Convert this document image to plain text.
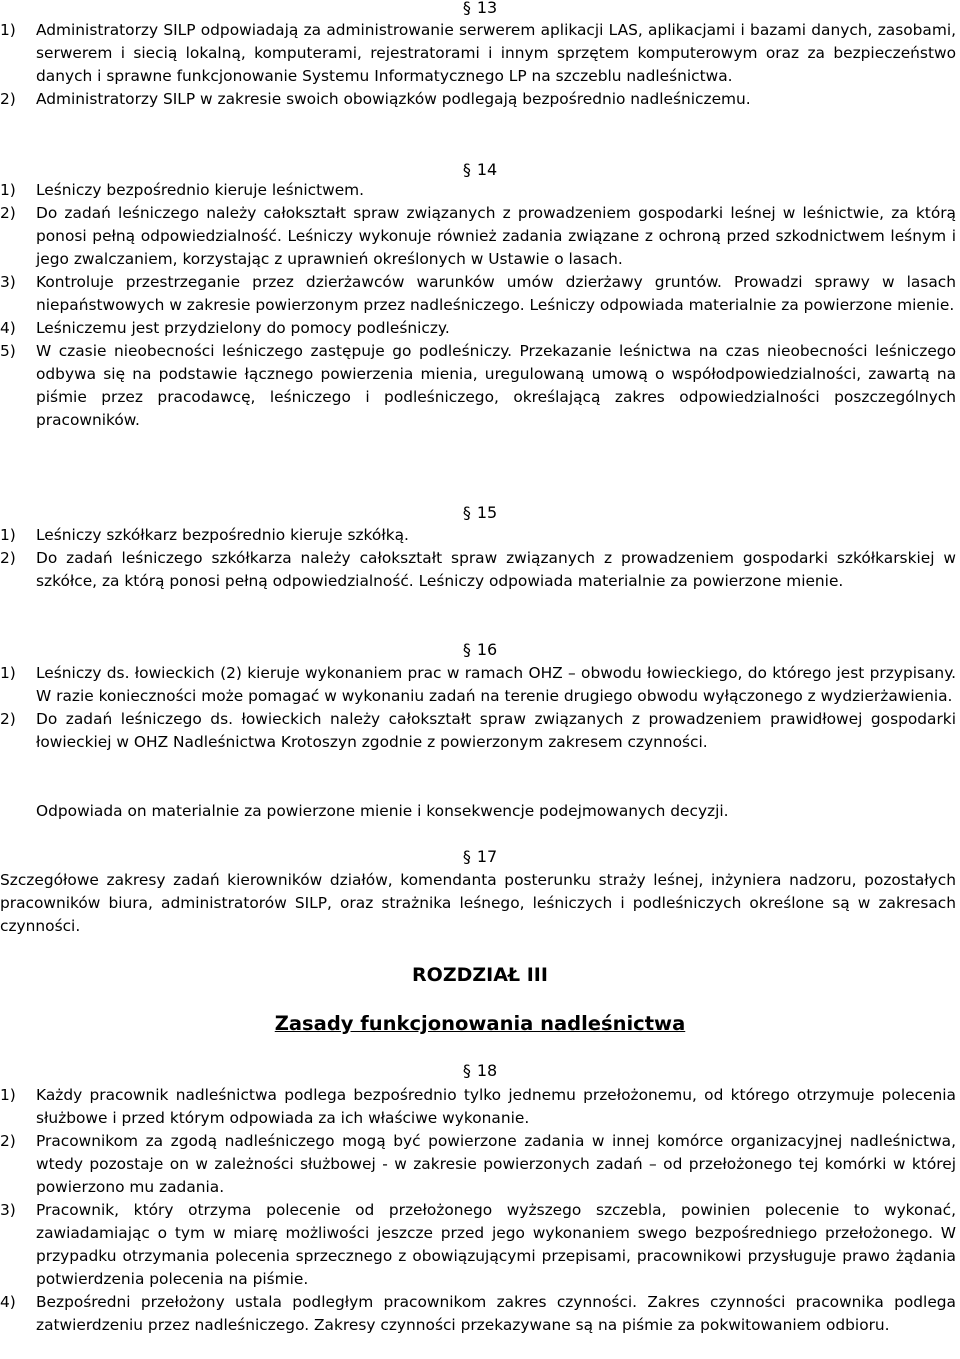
§ 13
1) Administratorzy SILP odpowiadają za administrowanie serwerem aplikacji LAS, aplikacjami i bazami danych, zasobami, serwerem i siecią lokalną, komputerami, rejestratorami i innym sprzętem komputerowym oraz za bezpieczeństwo danych i sprawne funkcjonowanie Systemu Informatycznego LP na szczeblu nadleśnictwa.
2) Administratorzy SILP w zakresie swoich obowiązków podlegają bezpośrednio nadleśniczemu.
§ 14
1) Leśniczy bezpośrednio kieruje leśnictwem.
2) Do zadań leśniczego należy całokształt spraw związanych z prowadzeniem gospodarki leśnej w leśnictwie, za którą ponosi pełną odpowiedzialność. Leśniczy wykonuje również zadania związane z ochroną przed szkodnictwem leśnym i jego zwalczaniem, korzystając z uprawnień określonych w Ustawie o lasach.
3) Kontroluje przestrzeganie przez dzierżawców warunków umów dzierżawy gruntów. Prowadzi sprawy w lasach niepaństwowych w zakresie powierzonym przez nadleśniczego. Leśniczy odpowiada materialnie za powierzone mienie.
4) Leśniczemu jest przydzielony do pomocy podleśniczy.
5) W czasie nieobecności leśniczego zastępuje go podleśniczy. Przekazanie leśnictwa na czas nieobecności leśniczego odbywa się na podstawie łącznego powierzenia mienia, uregulowaną umową o współodpowiedzialności, zawartą na piśmie przez pracodawcę, leśniczego i podleśniczego, określającą zakres odpowiedzialności poszczególnych pracowników.
§ 15
1) Leśniczy szkółkarz bezpośrednio kieruje szkółką.
2) Do zadań leśniczego szkółkarza należy całokształt spraw związanych z prowadzeniem gospodarki szkółkarskiej w szkółce, za którą ponosi pełną odpowiedzialność. Leśniczy odpowiada materialnie za powierzone mienie.
§ 16
1) Leśniczy ds. łowieckich (2) kieruje wykonaniem prac w ramach OHZ – obwodu łowieckiego, do którego jest przypisany. W razie konieczności może pomagać w wykonaniu zadań na terenie drugiego obwodu wyłączonego z wydzierżawienia.
2) Do zadań leśniczego ds. łowieckich należy całokształt spraw związanych z prowadzeniem prawidłowej gospodarki łowieckiej w OHZ Nadleśnictwa Krotoszyn zgodnie z powierzonym zakresem czynności.

Odpowiada on materialnie za powierzone mienie i konsekwencje podejmowanych decyzji.

§ 17

Szczegółowe zakresy zadań kierowników działów, komendanta posterunku straży leśnej, inżyniera nadzoru, pozostałych pracowników biura, administratorów SILP, oraz strażnika leśnego, leśniczych i podleśniczych określone są w zakresach czynności.

ROZDZIAŁ III
Zasady funkcjonowania nadleśnictwa
§ 18
1) Każdy pracownik nadleśnictwa podlega bezpośrednio tylko jednemu przełożonemu, od którego otrzymuje polecenia służbowe i przed którym odpowiada za ich właściwe wykonanie.
2) Pracownikom za zgodą nadleśniczego mogą być powierzone zadania w innej komórce organizacyjnej nadleśnictwa, wtedy pozostaje on w zależności służbowej - w zakresie powierzonych zadań – od przełożonego tej komórki w której powierzono mu zadania.
3) Pracownik, który otrzyma polecenie od przełożonego wyższego szczebla, powinien polecenie to wykonać, zawiadamiając o tym w miarę możliwości jeszcze przed jego wykonaniem swego bezpośredniego przełożonego. W przypadku otrzymania polecenia sprzecznego z obowiązującymi przepisami, pracownikowi przysługuje prawo żądania potwierdzenia polecenia na piśmie.
4) Bezpośredni przełożony ustala podległym pracownikom zakres czynności. Zakres czynności pracownika podlega zatwierdzeniu przez nadleśniczego. Zakresy czynności przekazywane są na piśmie za pokwitowaniem odbioru.
